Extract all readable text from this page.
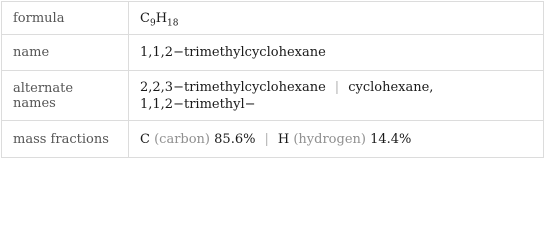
formula	$C_9H_{18}$
name	1,1,2−trimethylcyclohexane
alternate names	2,2,3−trimethylcyclohexane | cyclohexane,
1,1,2−trimethyl−

mass fractions	C (carbon) 85.6% | H (hydrogen) 14.4%
